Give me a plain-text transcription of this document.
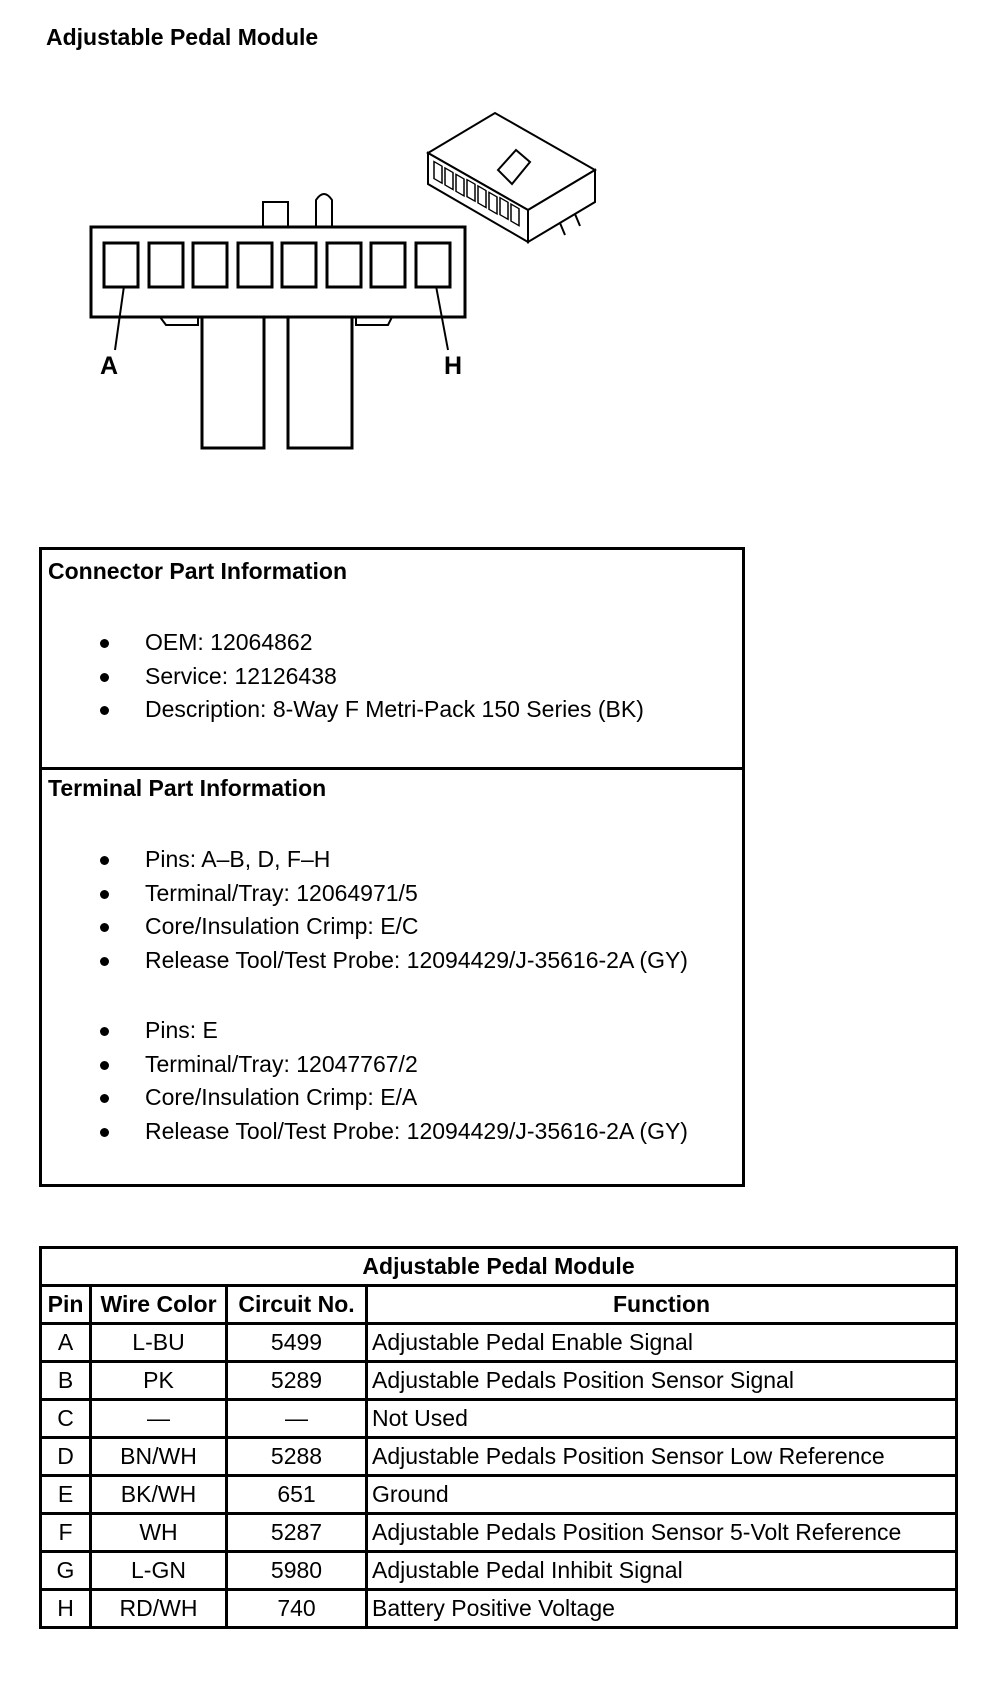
Adjustable Pedal Module
A	H
Connector Part Information
OEM: 12064862
Service: 12126438
Description: 8-Way F Metri-Pack 150 Series (BK)
Terminal Part Information
Pins: A–B, D, F–H
Terminal/Tray: 12064971/5
Core/Insulation Crimp: E/C
Release Tool/Test Probe: 12094429/J-35616-2A (GY)
Pins: E
Terminal/Tray: 12047767/2
Core/Insulation Crimp: E/A
Release Tool/Test Probe: 12094429/J-35616-2A (GY)
Adjustable Pedal Module			
Pin	Wire Color	Circuit No.	Function
A	L-BU	5499	Adjustable Pedal Enable Signal
B	PK	5289	Adjustable Pedals Position Sensor Signal
C	—	—	Not Used
D	BN/WH	5288	Adjustable Pedals Position Sensor Low Reference
E	BK/WH	651	Ground
F	WH	5287	Adjustable Pedals Position Sensor 5-Volt Reference
G	L-GN	5980	Adjustable Pedal Inhibit Signal
H	RD/WH	740	Battery Positive Voltage
